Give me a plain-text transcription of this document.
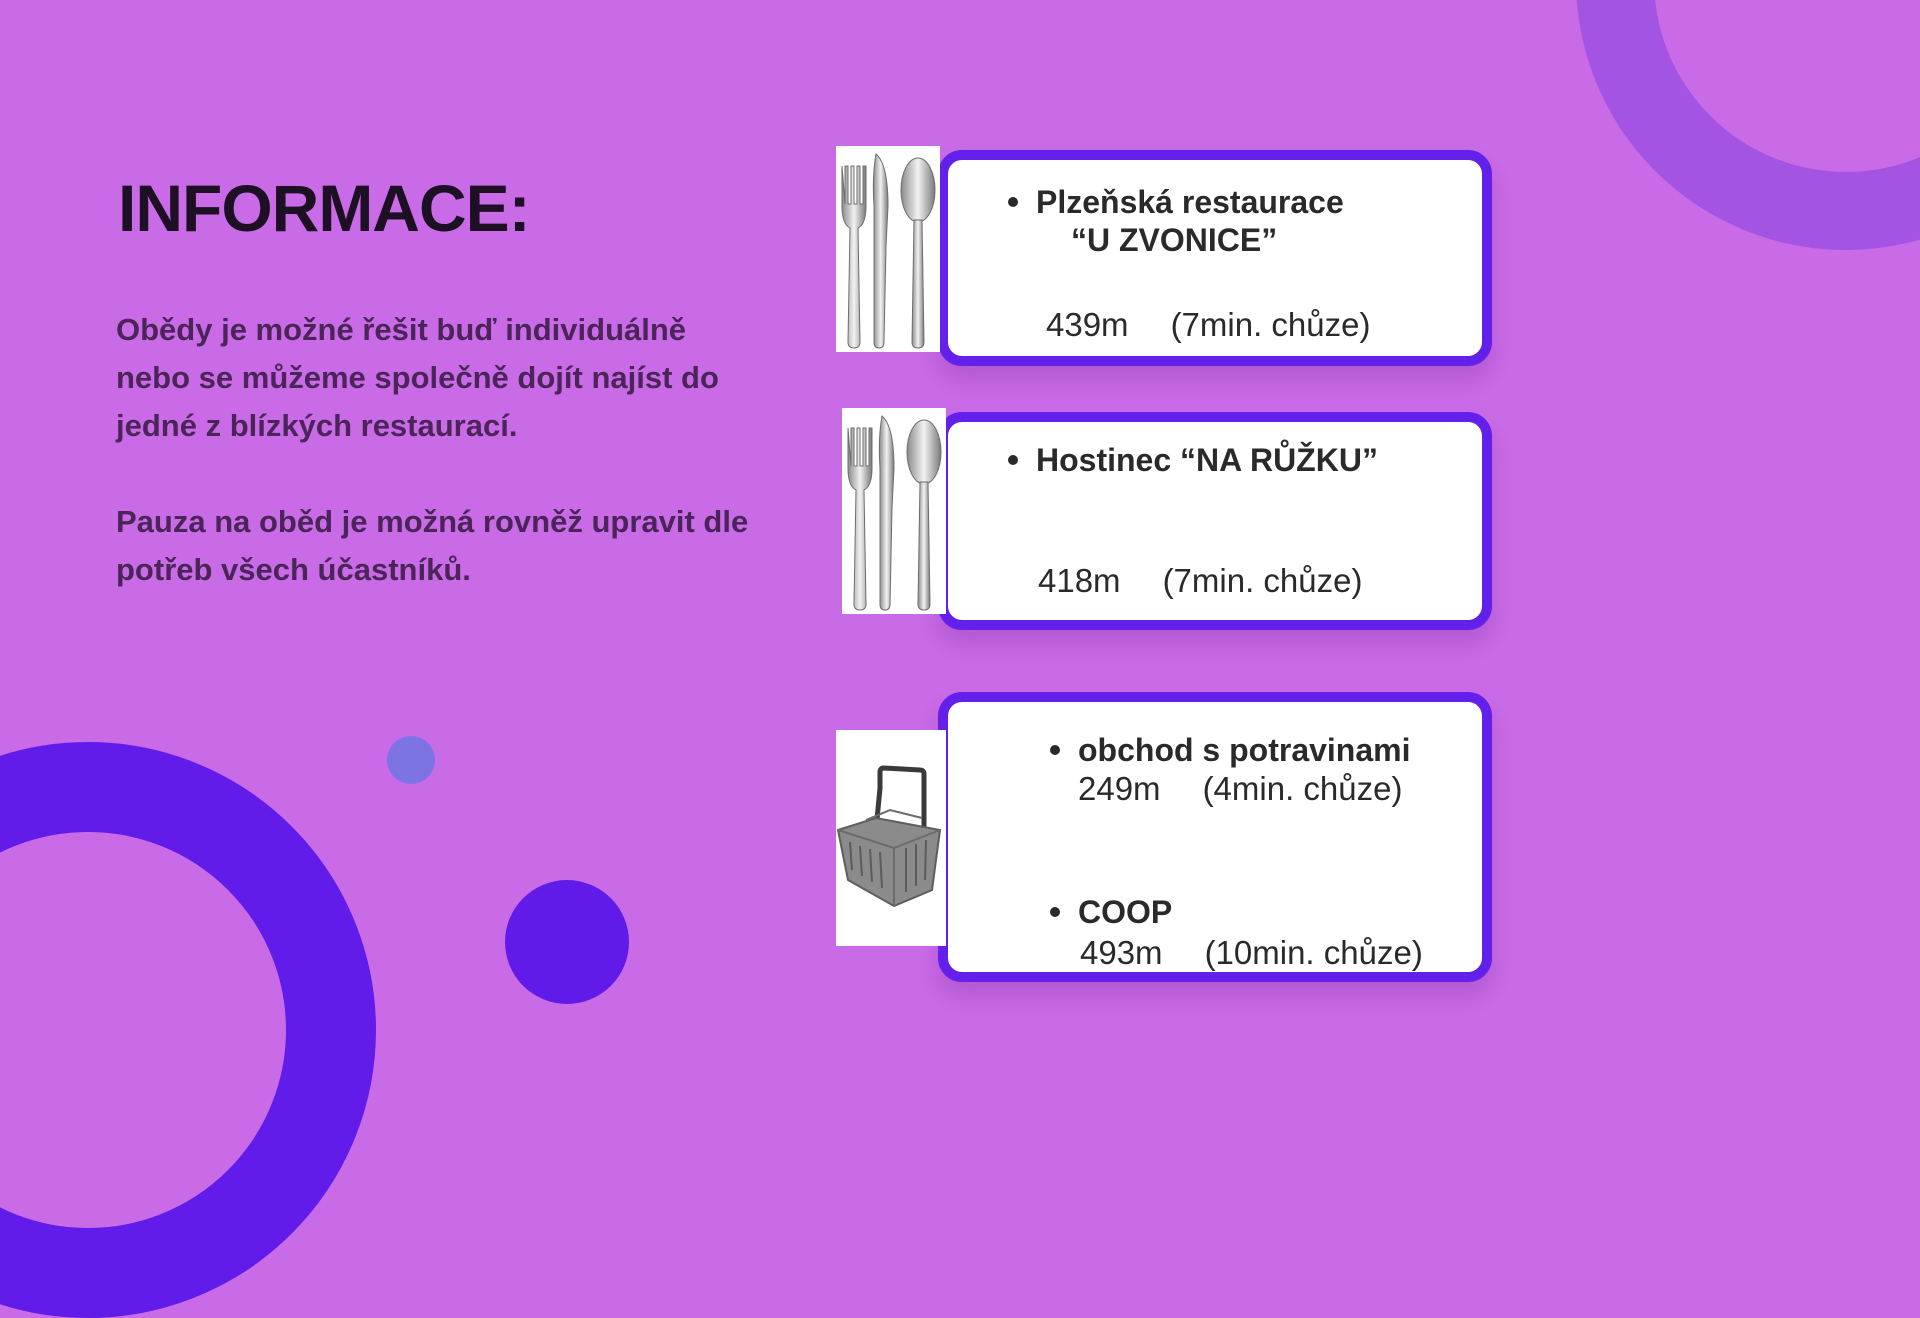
INFORMACE:

Obědy je možné řešit buď individuálně nebo se můžeme společně dojít najíst do jedné z blízkých restaurací.

Pauza na oběd je možná rovněž upravit dle potřeb všech účastníků.

Plzeňská restaurace
“U ZVONICE”
439m (7min. chůze)
Hostinec “NA RŮŽKU”
418m (7min. chůze)
obchod s potravinami
249m (4min. chůze)
COOP
493m (10min. chůze)
